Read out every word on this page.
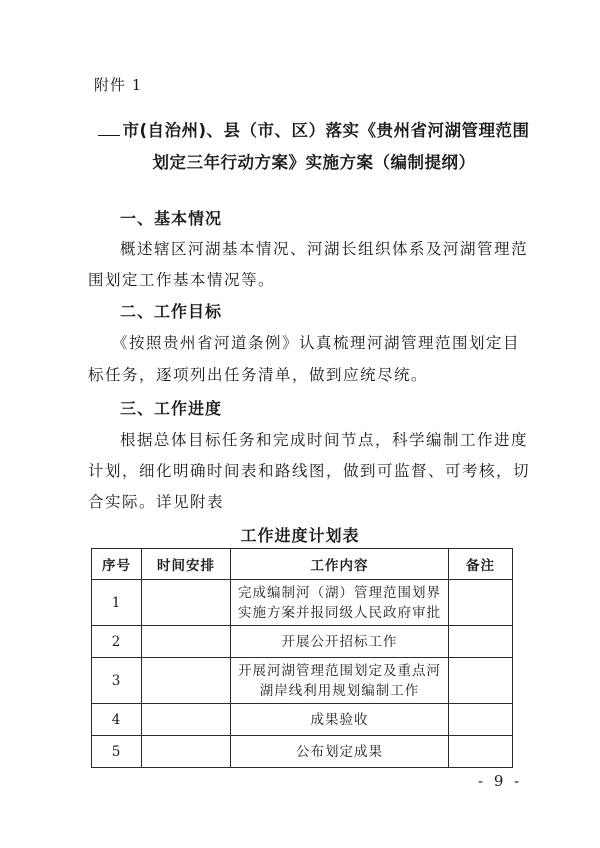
附件 1
市(自治州)、县（市、区）落实《贵州省河湖管理范围
划定三年行动方案》实施方案（编制提纲）
一、基本情况
概述辖区河湖基本情况、河湖长组织体系及河湖管理范
围划定工作基本情况等。
二、工作目标
《按照贵州省河道条例》认真梳理河湖管理范围划定目
标任务，逐项列出任务清单，做到应统尽统。
三、工作进度
根据总体目标任务和完成时间节点，科学编制工作进度
计划，细化明确时间表和路线图，做到可监督、可考核，切
合实际。详见附表
工作进度计划表
序号	时间安排	工作内容	备注
1		完成编制河（湖）管理范围划界实施方案并报同级人民政府审批	
2		开展公开招标工作	
3		开展河湖管理范围划定及重点河湖岸线利用规划编制工作	
4		成果验收	
5		公布划定成果	
- 9 -
